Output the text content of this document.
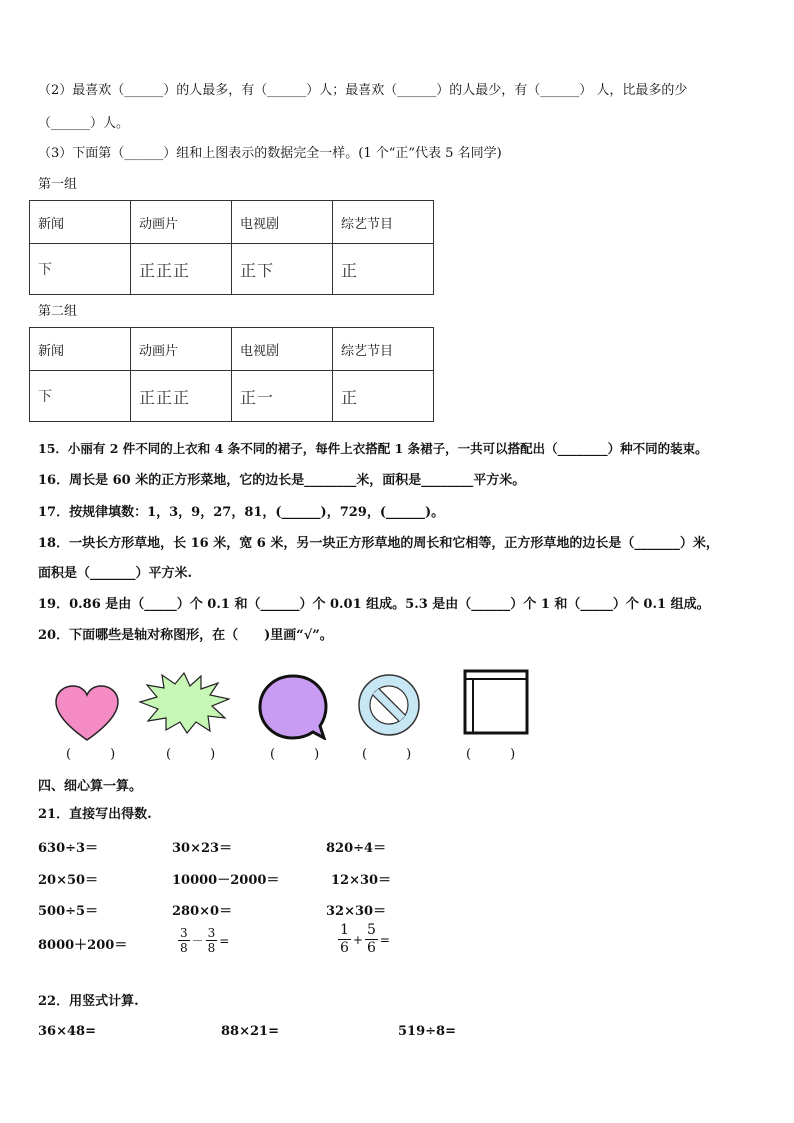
（2）最喜欢（______）的人最多，有（______）人；最喜欢（______）的人最少，有（______） 人，比最多的少
（______）人。
（3）下面第（______）组和上图表示的数据完全一样。(1 个“正”代表 5 名同学)
第一组
新闻	动画片	电视剧	综艺节目
下	正正正	正下	正
第二组
新闻	动画片	电视剧	综艺节目
下	正正正	正一	正
15．小丽有 2 件不同的上衣和 4 条不同的裙子，每件上衣搭配 1 条裙子，一共可以搭配出（________）种不同的装束。
16．周长是 60 米的正方形菜地，它的边长是________米，面积是________平方米。
17．按规律填数：1，3，9，27，81，(______)，729，(______)。
18．一块长方形草地，长 16 米，宽 6 米，另一块正方形草地的周长和它相等，正方形草地的边长是（_______）米，
面积是（_______）平方米.
19．0.86 是由（_____）个 0.1 和（______）个 0.01 组成。5.3 是由（______）个 1 和（_____）个 0.1 组成。
20．下面哪些是轴对称图形，在（　　)里画“√”。
(　　　)	(　　　)	(　　　)	(　　　)	(　　　)
四、细心算一算。
21．直接写出得数.
630÷3＝	30×23＝	820÷4＝
20×50＝	10000－2000＝	12×30＝
500÷5＝	280×0＝	32×30＝
8000＋200＝	$\frac{3}{8} - \frac{3}{8}$ =	$\frac{1}{6} + \frac{5}{6}$ =
22．用竖式计算.
36×48=	88×21=	519÷8=
